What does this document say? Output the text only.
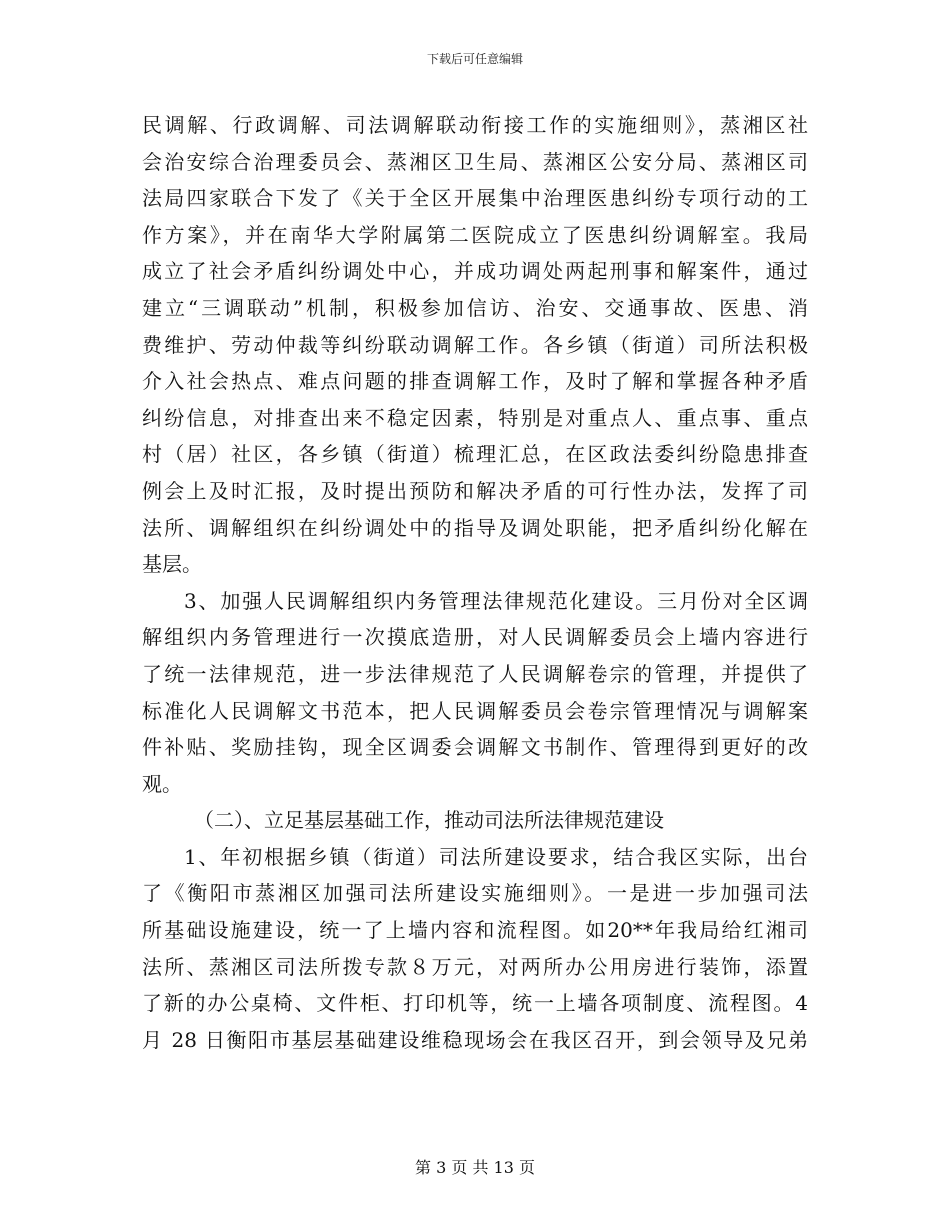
下载后可任意编辑
民调解、行政调解、司法调解联动衔接工作的实施细则》，蒸湘区社
会治安综合治理委员会、蒸湘区卫生局、蒸湘区公安分局、蒸湘区司
法局四家联合下发了《关于全区开展集中治理医患纠纷专项行动的工
作方案》，并在南华大学附属第二医院成立了医患纠纷调解室。我局
成立了社会矛盾纠纷调处中心，并成功调处两起刑事和解案件，通过
建立“三调联动”机制，积极参加信访、治安、交通事故、医患、消
费维护、劳动仲裁等纠纷联动调解工作。各乡镇（街道）司所法积极
介入社会热点、难点问题的排查调解工作，及时了解和掌握各种矛盾
纠纷信息，对排查出来不稳定因素，特别是对重点人、重点事、重点
村（居）社区，各乡镇（街道）梳理汇总，在区政法委纠纷隐患排查
例会上及时汇报，及时提出预防和解决矛盾的可行性办法，发挥了司
法所、调解组织在纠纷调处中的指导及调处职能，把矛盾纠纷化解在
基层。
3、加强人民调解组织内务管理法律规范化建设。三月份对全区调
解组织内务管理进行一次摸底造册，对人民调解委员会上墙内容进行
了统一法律规范，进一步法律规范了人民调解卷宗的管理，并提供了
标准化人民调解文书范本，把人民调解委员会卷宗管理情况与调解案
件补贴、奖励挂钩，现全区调委会调解文书制作、管理得到更好的改
观。
（二）、立足基层基础工作，推动司法所法律规范建设
1、年初根据乡镇（街道）司法所建设要求，结合我区实际，出台
了《衡阳市蒸湘区加强司法所建设实施细则》。一是进一步加强司法
所基础设施建设，统一了上墙内容和流程图。如20**年我局给红湘司
法所、蒸湘区司法所拨专款８万元，对两所办公用房进行装饰，添置
了新的办公桌椅、文件柜、打印机等，统一上墙各项制度、流程图。4
月 28 日衡阳市基层基础建设维稳现场会在我区召开，到会领导及兄弟
第 3 页 共 13 页
